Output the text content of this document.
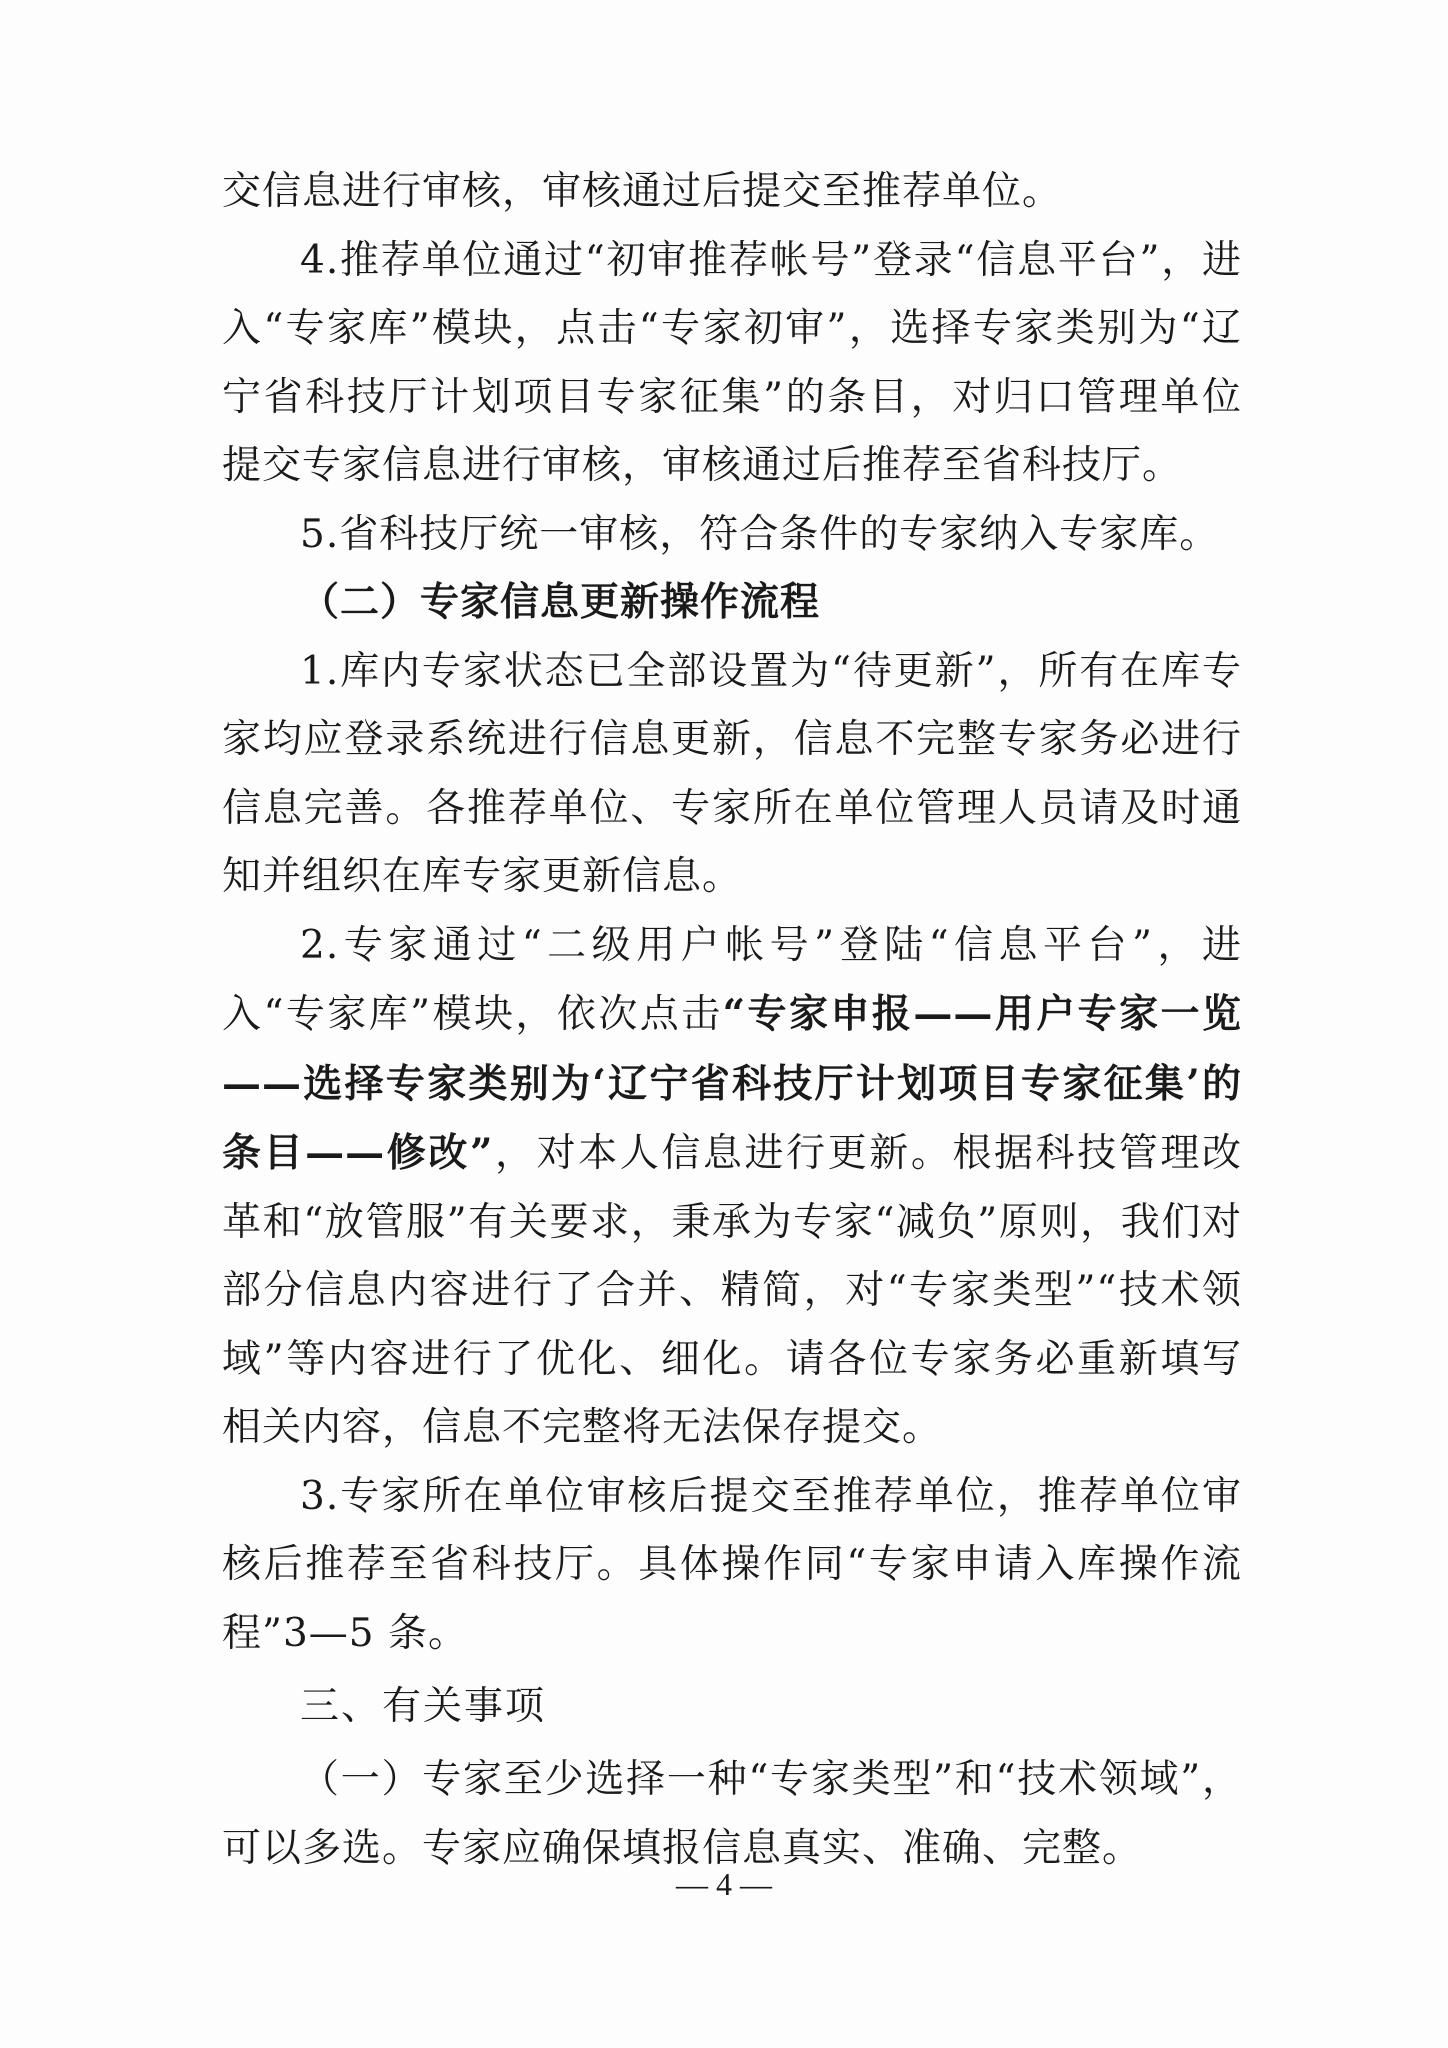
交信息进行审核，审核通过后提交至推荐单位。

4.推荐单位通过“初审推荐帐号”登录“信息平台”，进入“专家库”模块，点击“专家初审”，选择专家类别为“辽宁省科技厅计划项目专家征集”的条目，对归口管理单位提交专家信息进行审核，审核通过后推荐至省科技厅。

5.省科技厅统一审核，符合条件的专家纳入专家库。

（二）专家信息更新操作流程

1.库内专家状态已全部设置为“待更新”，所有在库专家均应登录系统进行信息更新，信息不完整专家务必进行信息完善。各推荐单位、专家所在单位管理人员请及时通知并组织在库专家更新信息。

2.专家通过“二级用户帐号”登陆“信息平台”，进入“专家库”模块，依次点击“专家申报——用户专家一览——选择专家类别为‘辽宁省科技厅计划项目专家征集’的条目——修改”，对本人信息进行更新。根据科技管理改革和“放管服”有关要求，秉承为专家“减负”原则，我们对部分信息内容进行了合并、精简，对“专家类型”“技术领域”等内容进行了优化、细化。请各位专家务必重新填写相关内容，信息不完整将无法保存提交。

3.专家所在单位审核后提交至推荐单位，推荐单位审核后推荐至省科技厅。具体操作同“专家申请入库操作流程”3—5 条。

三、有关事项

（一）专家至少选择一种“专家类型”和“技术领域”，可以多选。专家应确保填报信息真实、准确、完整。

— 4 —
